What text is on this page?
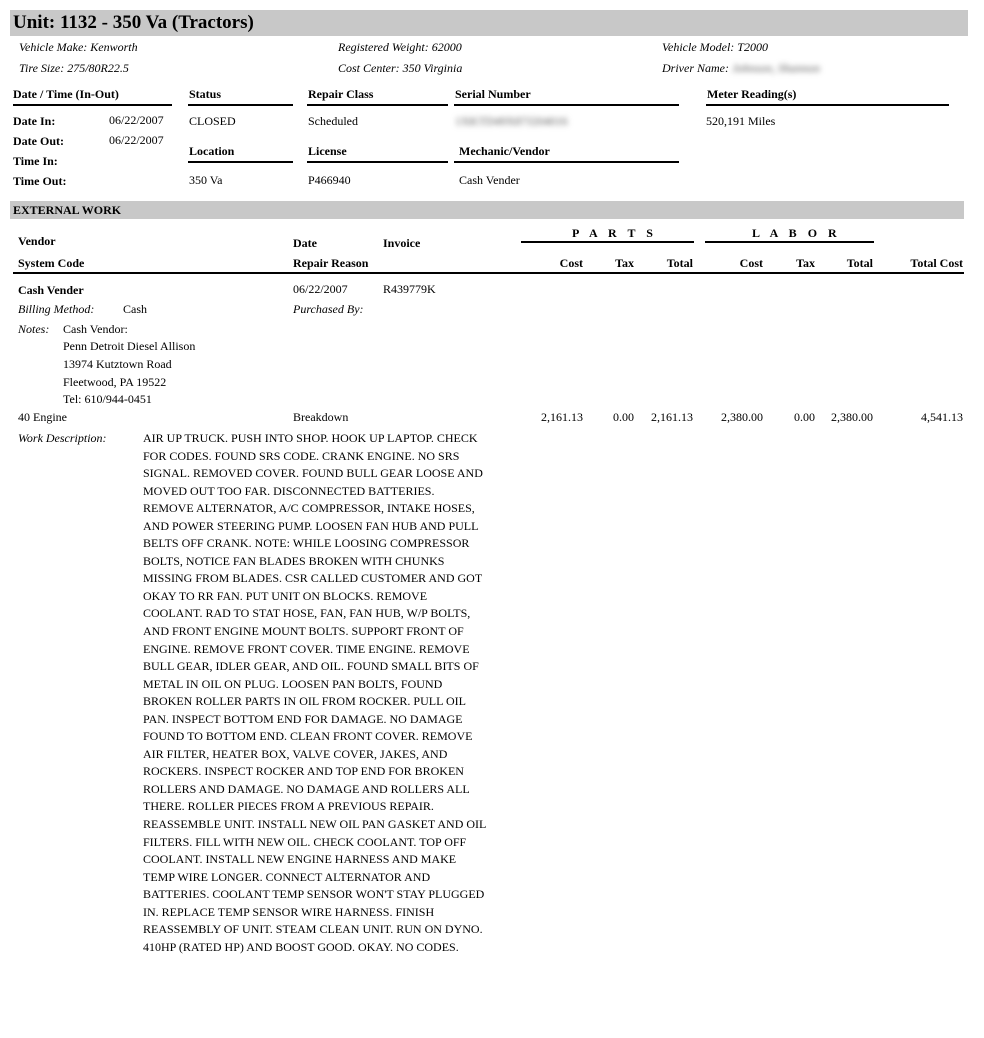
Unit: 1132 - 350 Va (Tractors)
Vehicle Make: Kenworth
Tire Size: 275/80R22.5
Registered Weight: 62000
Cost Center: 350 Virginia
Vehicle Model: T2000
Driver Name: Johnson, Shannon
Date / Time (In-Out)	Status	Repair Class	Serial Number	Meter Reading(s)
Date In:	06/22/2007
Date Out:	06/22/2007
Time In:
Time Out:
CLOSED	Scheduled	1XKTD49X87J204016	520,191 Miles
Location	License	Mechanic/Vendor
350 Va	P466940	Cash Vender
EXTERNAL WORK
Vendor	Date	Invoice
P A R T S	L A B O R
System Code	Repair Reason	Cost	Tax	Total	Cost	Tax	Total	Total Cost
Cash Vender	06/22/2007	R439779K
Billing Method: Cash	Purchased By:
Notes: Cash Vendor:
Penn Detroit Diesel Allison
13974 Kutztown Road
Fleetwood, PA 19522
Tel: 610/944-0451
40 Engine	Breakdown	2,161.13	0.00	2,161.13	2,380.00	0.00	2,380.00	4,541.13
Work Description:	AIR UP TRUCK. PUSH INTO SHOP. HOOK UP LAPTOP. CHECK FOR CODES. FOUND SRS CODE. CRANK ENGINE. NO SRS SIGNAL. REMOVED COVER. FOUND BULL GEAR LOOSE AND MOVED OUT TOO FAR. DISCONNECTED BATTERIES. REMOVE ALTERNATOR, A/C COMPRESSOR, INTAKE HOSES, AND POWER STEERING PUMP. LOOSEN FAN HUB AND PULL BELTS OFF CRANK. NOTE: WHILE LOOSING COMPRESSOR BOLTS, NOTICE FAN BLADES BROKEN WITH CHUNKS MISSING FROM BLADES. CSR CALLED CUSTOMER AND GOT OKAY TO RR FAN. PUT UNIT ON BLOCKS. REMOVE COOLANT. RAD TO STAT HOSE, FAN, FAN HUB, W/P BOLTS, AND FRONT ENGINE MOUNT BOLTS. SUPPORT FRONT OF ENGINE. REMOVE FRONT COVER. TIME ENGINE. REMOVE BULL GEAR, IDLER GEAR, AND OIL. FOUND SMALL BITS OF METAL IN OIL ON PLUG. LOOSEN PAN BOLTS, FOUND BROKEN ROLLER PARTS IN OIL FROM ROCKER. PULL OIL PAN. INSPECT BOTTOM END FOR DAMAGE. NO DAMAGE FOUND TO BOTTOM END. CLEAN FRONT COVER. REMOVE AIR FILTER, HEATER BOX, VALVE COVER, JAKES, AND ROCKERS. INSPECT ROCKER AND TOP END FOR BROKEN ROLLERS AND DAMAGE. NO DAMAGE AND ROLLERS ALL THERE. ROLLER PIECES FROM A PREVIOUS REPAIR. REASSEMBLE UNIT. INSTALL NEW OIL PAN GASKET AND OIL FILTERS. FILL WITH NEW OIL. CHECK COOLANT. TOP OFF COOLANT. INSTALL NEW ENGINE HARNESS AND MAKE TEMP WIRE LONGER. CONNECT ALTERNATOR AND BATTERIES. COOLANT TEMP SENSOR WON'T STAY PLUGGED IN. REPLACE TEMP SENSOR WIRE HARNESS. FINISH REASSEMBLY OF UNIT. STEAM CLEAN UNIT. RUN ON DYNO. 410HP (RATED HP) AND BOOST GOOD. OKAY. NO CODES.
